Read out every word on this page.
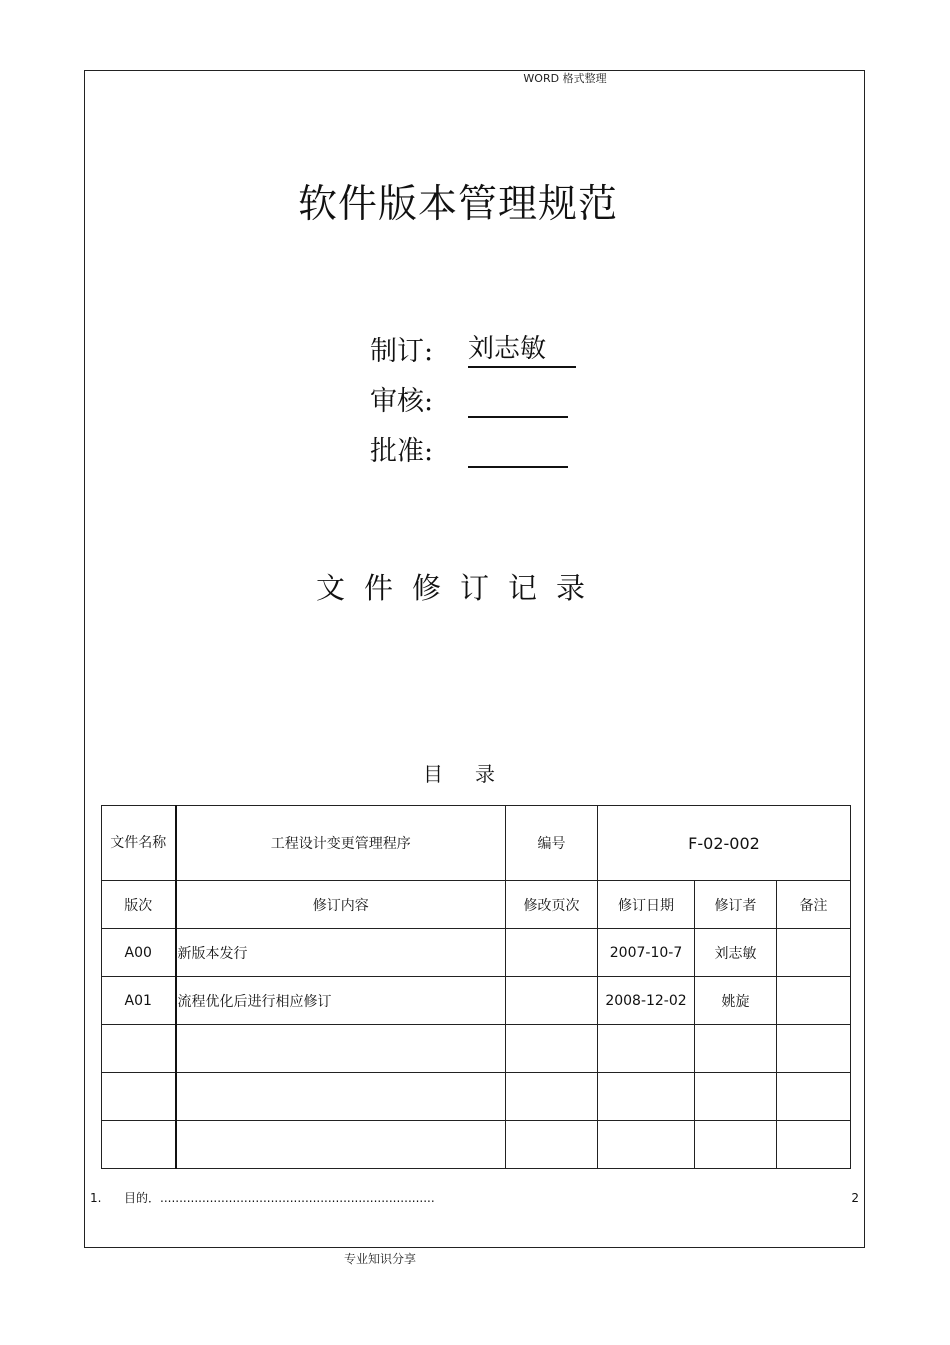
WORD 格式整理
软件版本管理规范
制订:	刘志敏
审核:
批准:
文件修订记录
目录
文件名称	工程设计变更管理程序	编号	F-02-002		
版次	修订内容	修改页次	修订日期	修订者	备注
A00	新版本发行		2007-10-7	刘志敏	
A01	流程优化后进行相应修订		2008-12-02	姚旋	

1. 目的．........................................................................	2
专业知识分享
